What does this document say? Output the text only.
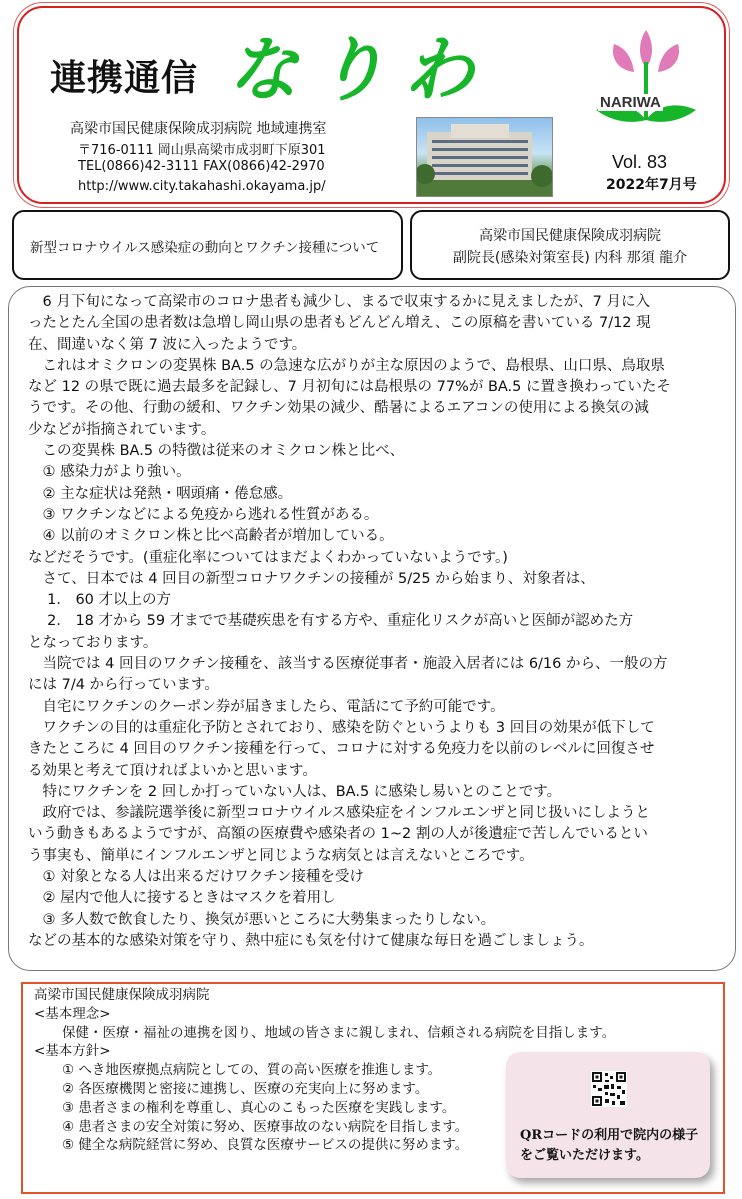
連携通信 なりわ
高梁市国民健康保険成羽病院 地域連携室
〒716-0111 岡山県高梁市成羽町下原301
TEL(0866)42-3111 FAX(0866)42-2970
http://www.city.takahashi.okayama.jp/
NARIWA
Vol. 83
2022年7月号
新型コロナウイルス感染症の動向とワクチン接種について
高梁市国民健康保険成羽病院
副院長(感染対策室長) 内科 那須 龍介

　6 月下旬になって高梁市のコロナ患者も減少し、まるで収束するかに見えましたが、7 月に入

ったとたん全国の患者数は急増し岡山県の患者もどんどん増え、この原稿を書いている 7/12 現

在、間違いなく第 7 波に入ったようです。

　これはオミクロンの変異株 BA.5 の急速な広がりが主な原因のようで、島根県、山口県、鳥取県

など 12 の県で既に過去最多を記録し、7 月初旬には島根県の 77%が BA.5 に置き換わっていたそ

うです。その他、行動の緩和、ワクチン効果の減少、酷暑によるエアコンの使用による換気の減

少などが指摘されています。

　この変異株 BA.5 の特徴は従来のオミクロン株と比べ、

　① 感染力がより強い。

　② 主な症状は発熱・咽頭痛・倦怠感。

　③ ワクチンなどによる免疫から逃れる性質がある。

　④ 以前のオミクロン株と比べ高齢者が増加している。

などだそうです。(重症化率についてはまだよくわかっていないようです。)

　さて、日本では 4 回目の新型コロナワクチンの接種が 5/25 から始まり、対象者は、

　 1． 60 才以上の方

　 2． 18 才から 59 才までで基礎疾患を有する方や、重症化リスクが高いと医師が認めた方

となっております。

　当院では 4 回目のワクチン接種を、該当する医療従事者・施設入居者には 6/16 から、一般の方

には 7/4 から行っています。

　自宅にワクチンのクーポン券が届きましたら、電話にて予約可能です。

　ワクチンの目的は重症化予防とされており、感染を防ぐというよりも 3 回目の効果が低下して

きたところに 4 回目のワクチン接種を行って、コロナに対する免疫力を以前のレベルに回復させ

る効果と考えて頂ければよいかと思います。

　特にワクチンを 2 回しか打っていない人は、BA.5 に感染し易いとのことです。

　政府では、参議院選挙後に新型コロナウイルス感染症をインフルエンザと同じ扱いにしようと

いう動きもあるようですが、高額の医療費や感染者の 1~2 割の人が後遺症で苦しんでいるとい

う事実も、簡単にインフルエンザと同じような病気とは言えないところです。

　① 対象となる人は出来るだけワクチン接種を受け

　② 屋内で他人に接するときはマスクを着用し

　③ 多人数で飲食したり、換気が悪いところに大勢集まったりしない。

などの基本的な感染対策を守り、熱中症にも気を付けて健康な毎日を過ごしましょう。

高梁市国民健康保険成羽病院

<基本理念>

保健・医療・福祉の連携を図り、地域の皆さまに親しまれ、信頼される病院を目指します。

<基本方針>

① へき地医療拠点病院としての、質の高い医療を推進します。

② 各医療機関と密接に連携し、医療の充実向上に努めます。

③ 患者さまの権利を尊重し、真心のこもった医療を実践します。

④ 患者さまの安全対策に努め、医療事故のない病院を目指します。

⑤ 健全な病院経営に努め、良質な医療サービスの提供に努めます。

QRコードの利用で院内の様子をご覧いただけます。
